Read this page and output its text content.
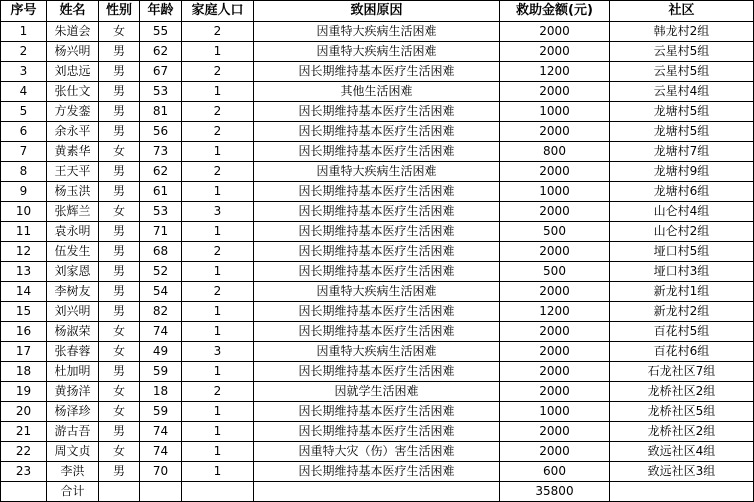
序号	姓名	性别	年龄	家庭人口	致困原因	救助金额(元)	社区
1	朱道会	女	55	2	因重特大疾病生活困难	2000	韩龙村2组
2	杨兴明	男	62	1	因重特大疾病生活困难	2000	云星村5组
3	刘忠远	男	67	2	因长期维持基本医疗生活困难	1200	云星村5组
4	张仕文	男	53	1	其他生活困难	2000	云星村4组
5	方发銮	男	81	2	因长期维持基本医疗生活困难	1000	龙塘村5组
6	余永平	男	56	2	因长期维持基本医疗生活困难	2000	龙塘村5组
7	黄素华	女	73	1	因长期维持基本医疗生活困难	800	龙塘村7组
8	王天平	男	62	2	因重特大疾病生活困难	2000	龙塘村9组
9	杨玉洪	男	61	1	因长期维持基本医疗生活困难	1000	龙塘村6组
10	张辉兰	女	53	3	因长期维持基本医疗生活困难	2000	山仑村4组
11	袁永明	男	71	1	因长期维持基本医疗生活困难	500	山仑村2组
12	伍发生	男	68	2	因长期维持基本医疗生活困难	2000	垭口村5组
13	刘家恩	男	52	1	因长期维持基本医疗生活困难	500	垭口村3组
14	李树友	男	54	2	因重特大疾病生活困难	2000	新龙村1组
15	刘兴明	男	82	1	因长期维持基本医疗生活困难	1200	新龙村2组
16	杨淑荣	女	74	1	因长期维持基本医疗生活困难	2000	百花村5组
17	张春蓉	女	49	3	因重特大疾病生活困难	2000	百花村6组
18	杜加明	男	59	1	因长期维持基本医疗生活困难	2000	石龙社区7组
19	黄扬洋	女	18	2	因就学生活困难	2000	龙桥社区2组
20	杨泽珍	女	59	1	因长期维持基本医疗生活困难	1000	龙桥社区5组
21	游古吾	男	74	1	因长期维持基本医疗生活困难	2000	龙桥社区2组
22	周文贞	女	74	1	因重特大灾（伤）害生活困难	2000	致远社区4组
23	李洪	男	70	1	因长期维持基本医疗生活困难	600	致远社区3组
	合计					35800	
